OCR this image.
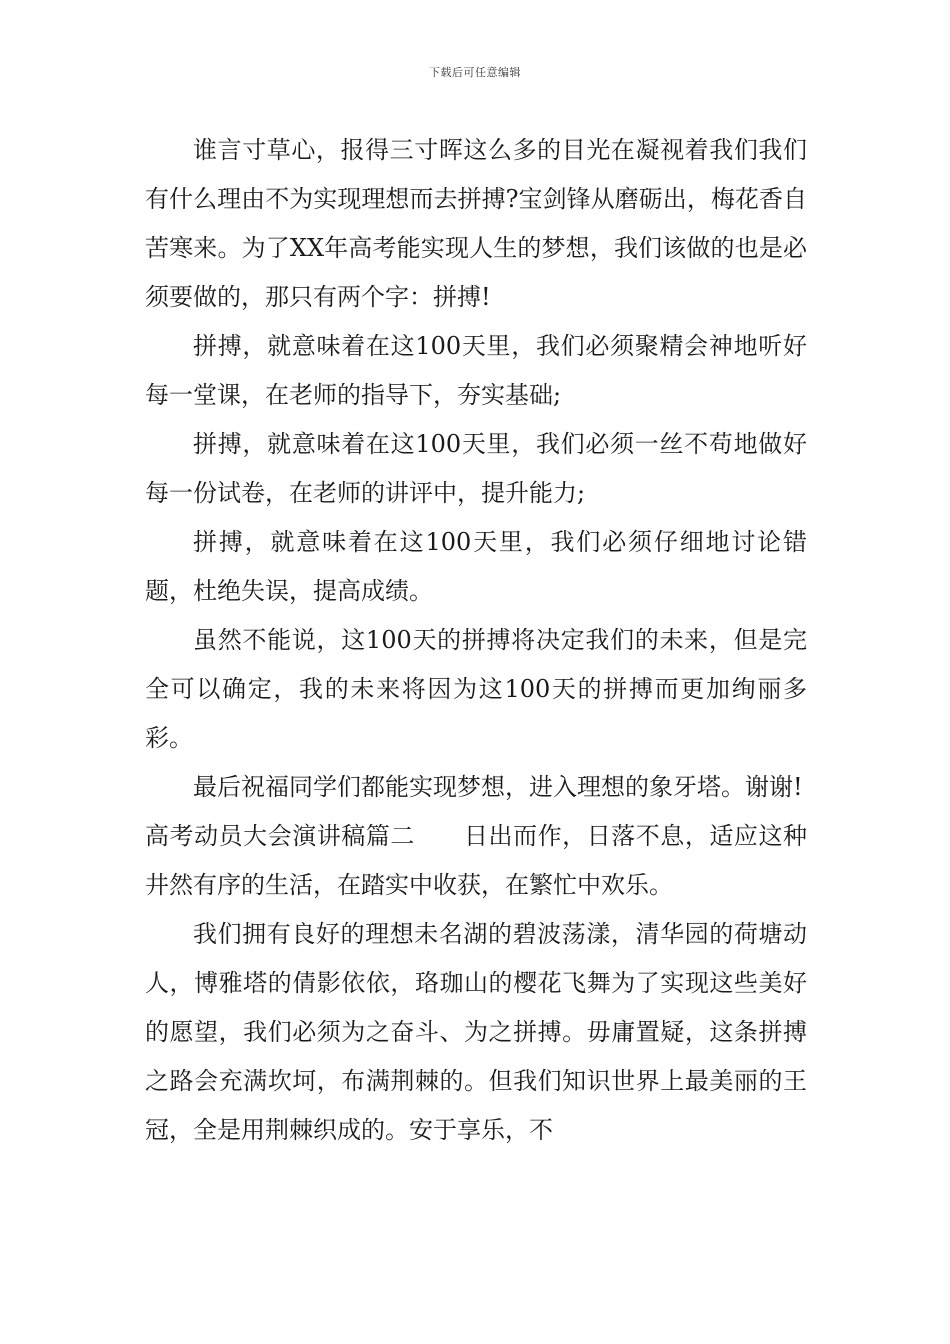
下载后可任意编辑

谁言寸草心，报得三寸晖这么多的目光在凝视着我们我们有什么理由不为实现理想而去拼搏?宝剑锋从磨砺出，梅花香自苦寒来。为了XX年高考能实现人生的梦想，我们该做的也是必须要做的，那只有两个字：拼搏!

拼搏，就意味着在这100天里，我们必须聚精会神地听好每一堂课，在老师的指导下，夯实基础;

拼搏，就意味着在这100天里，我们必须一丝不苟地做好每一份试卷，在老师的讲评中，提升能力;

拼搏，就意味着在这100天里，我们必须仔细地讨论错题，杜绝失误，提高成绩。

虽然不能说，这100天的拼搏将决定我们的未来，但是完全可以确定，我的未来将因为这100天的拼搏而更加绚丽多彩。

最后祝福同学们都能实现梦想，进入理想的象牙塔。谢谢!

高考动员大会演讲稿篇二　　日出而作，日落不息，适应这种井然有序的生活，在踏实中收获，在繁忙中欢乐。

我们拥有良好的理想未名湖的碧波荡漾，清华园的荷塘动人，博雅塔的倩影依依，珞珈山的樱花飞舞为了实现这些美好的愿望，我们必须为之奋斗、为之拼搏。毋庸置疑，这条拼搏之路会充满坎坷，布满荆棘的。但我们知识世界上最美丽的王冠，全是用荆棘织成的。安于享乐，不
